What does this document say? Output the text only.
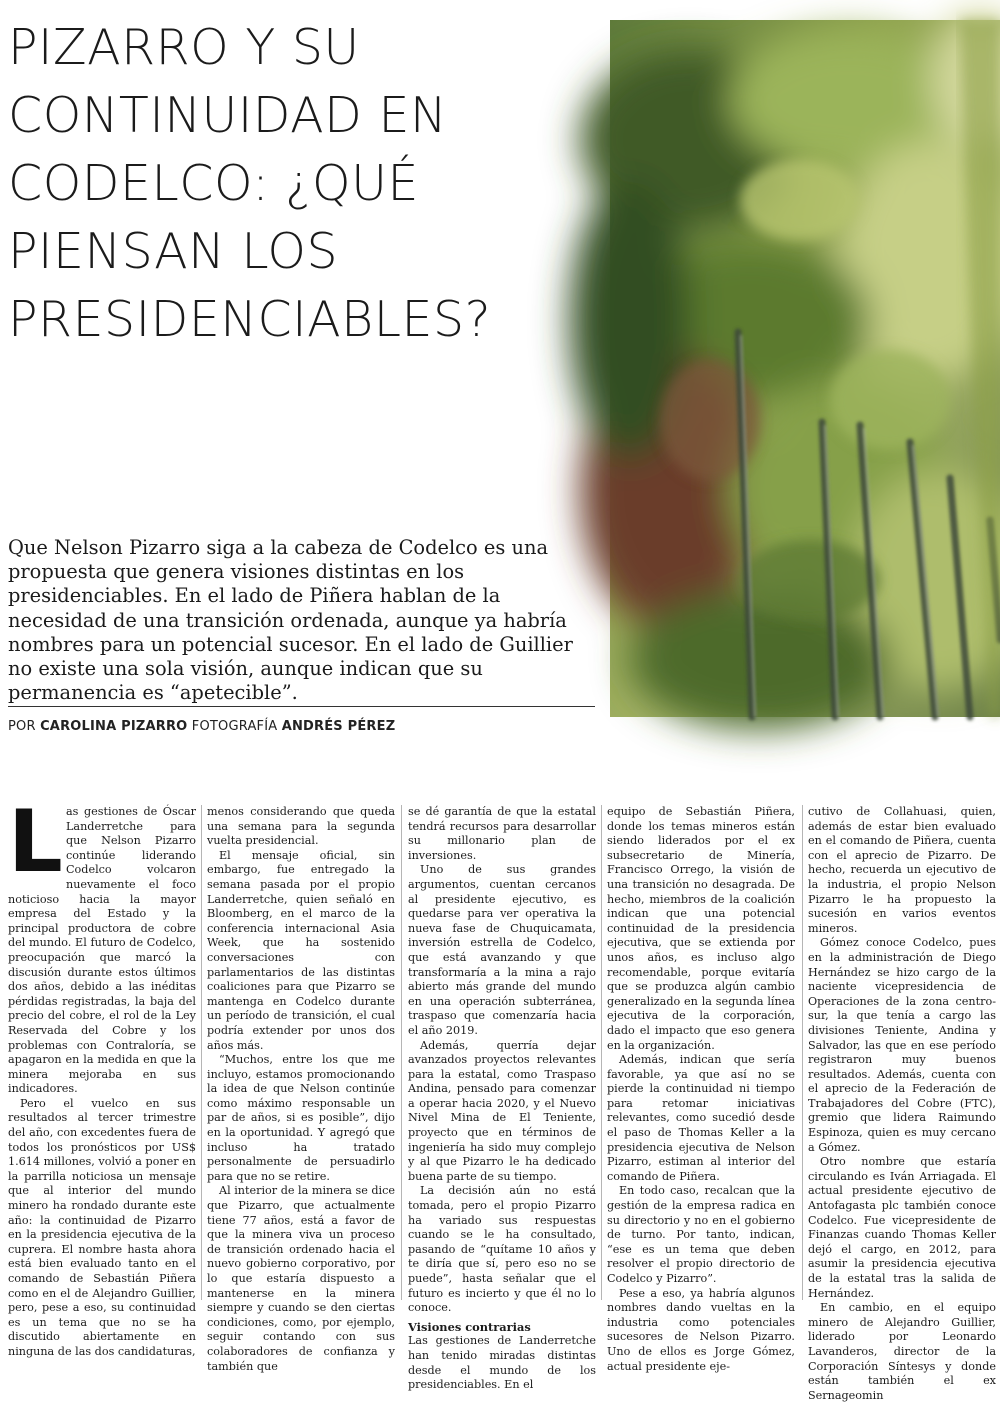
PIZARRO Y SU CONTINUIDAD EN CODELCO: ¿QUÉ PIENSAN LOS PRESIDENCIABLES?

Que Nelson Pizarro siga a la cabeza de Codelco es una propuesta que genera visiones distintas en los presidenciables. En el lado de Piñera hablan de la necesidad de una transición ordenada, aunque ya habría nombres para un potencial sucesor. En el lado de Guillier no existe una sola visión, aunque indican que su permanencia es “apetecible”.

POR CAROLINA PIZARRO FOTOGRAFÍA ANDRÉS PÉREZ

L as gestiones de Óscar Landerretche para que Nelson Pizarro continúe liderando Codelco volcaron nuevamente el foco noticioso hacia la mayor empresa del Estado y la principal productora de cobre del mundo. El futuro de Codelco, preocupación que marcó la discusión durante estos últimos dos años, debido a las inéditas pérdidas registradas, la baja del precio del cobre, el rol de la Ley Reservada del Cobre y los problemas con Contraloría, se apagaron en la medida en que la minera mejoraba en sus indicadores.

Pero el vuelco en sus resultados al tercer trimestre del año, con excedentes fuera de todos los pronósticos por US$ 1.614 millones, volvió a poner en la parrilla noticiosa un mensaje que al interior del mundo minero ha rondado durante este año: la continuidad de Pizarro en la presidencia ejecutiva de la cuprera. El nombre hasta ahora está bien evaluado tanto en el comando de Sebastián Piñera como en el de Alejandro Guillier, pero, pese a eso, su continuidad es un tema que no se ha discutido abiertamente en ninguna de las dos candidaturas,

menos considerando que queda una semana para la segunda vuelta presidencial.

El mensaje oficial, sin embargo, fue entregado la semana pasada por el propio Landerretche, quien señaló en Bloomberg, en el marco de la conferencia internacional Asia Week, que ha sostenido conversaciones con parlamentarios de las distintas coaliciones para que Pizarro se mantenga en Codelco durante un período de transición, el cual podría extender por unos dos años más.

“Muchos, entre los que me incluyo, estamos promocionando la idea de que Nelson continúe como máximo responsable un par de años, si es posible”, dijo en la oportunidad. Y agregó que incluso ha tratado personalmente de persuadirlo para que no se retire.

Al interior de la minera se dice que Pizarro, que actualmente tiene 77 años, está a favor de que la minera viva un proceso de transición ordenado hacia el nuevo gobierno corporativo, por lo que estaría dispuesto a mantenerse en la minera siempre y cuando se den ciertas condiciones, como, por ejemplo, seguir contando con sus colaboradores de confianza y también que

se dé garantía de que la estatal tendrá recursos para desarrollar su millonario plan de inversiones.

Uno de sus grandes argumentos, cuentan cercanos al presidente ejecutivo, es quedarse para ver operativa la nueva fase de Chuquicamata, inversión estrella de Codelco, que está avanzando y que transformaría a la mina a rajo abierto más grande del mundo en una operación subterránea, traspaso que comenzaría hacia el año 2019.

Además, querría dejar avanzados proyectos relevantes para la estatal, como Traspaso Andina, pensado para comenzar a operar hacia 2020, y el Nuevo Nivel Mina de El Teniente, proyecto que en términos de ingeniería ha sido muy complejo y al que Pizarro le ha dedicado buena parte de su tiempo.

La decisión aún no está tomada, pero el propio Pizarro ha variado sus respuestas cuando se le ha consultado, pasando de “quítame 10 años y te diría que sí, pero eso no se puede”, hasta señalar que el futuro es incierto y que él no lo conoce.

Visiones contrarias

Las gestiones de Landerretche han tenido miradas distintas desde el mundo de los presidenciables. En el

equipo de Sebastián Piñera, donde los temas mineros están siendo liderados por el ex subsecretario de Minería, Francisco Orrego, la visión de una transición no desagrada. De hecho, miembros de la coalición indican que una potencial continuidad de la presidencia ejecutiva, que se extienda por unos años, es incluso algo recomendable, porque evitaría que se produzca algún cambio generalizado en la segunda línea ejecutiva de la corporación, dado el impacto que eso genera en la organización.

Además, indican que sería favorable, ya que así no se pierde la continuidad ni tiempo para retomar iniciativas relevantes, como sucedió desde el paso de Thomas Keller a la presidencia ejecutiva de Nelson Pizarro, estiman al interior del comando de Piñera.

En todo caso, recalcan que la gestión de la empresa radica en su directorio y no en el gobierno de turno. Por tanto, indican, “ese es un tema que deben resolver el propio directorio de Codelco y Pizarro”.

Pese a eso, ya habría algunos nombres dando vueltas en la industria como potenciales sucesores de Nelson Pizarro. Uno de ellos es Jorge Gómez, actual presidente eje-

cutivo de Collahuasi, quien, además de estar bien evaluado en el comando de Piñera, cuenta con el aprecio de Pizarro. De hecho, recuerda un ejecutivo de la industria, el propio Nelson Pizarro le ha propuesto la sucesión en varios eventos mineros.

Gómez conoce Codelco, pues en la administración de Diego Hernández se hizo cargo de la naciente vicepresidencia de Operaciones de la zona centro-sur, la que tenía a cargo las divisiones Teniente, Andina y Salvador, las que en ese período registraron muy buenos resultados. Además, cuenta con el aprecio de la Federación de Trabajadores del Cobre (FTC), gremio que lidera Raimundo Espinoza, quien es muy cercano a Gómez.

Otro nombre que estaría circulando es Iván Arriagada. El actual presidente ejecutivo de Antofagasta plc también conoce Codelco. Fue vicepresidente de Finanzas cuando Thomas Keller dejó el cargo, en 2012, para asumir la presidencia ejecutiva de la estatal tras la salida de Hernández.

En cambio, en el equipo minero de Alejandro Guillier, liderado por Leonardo Lavanderos, director de la Corporación Síntesys y donde están también el ex Sernageomin
